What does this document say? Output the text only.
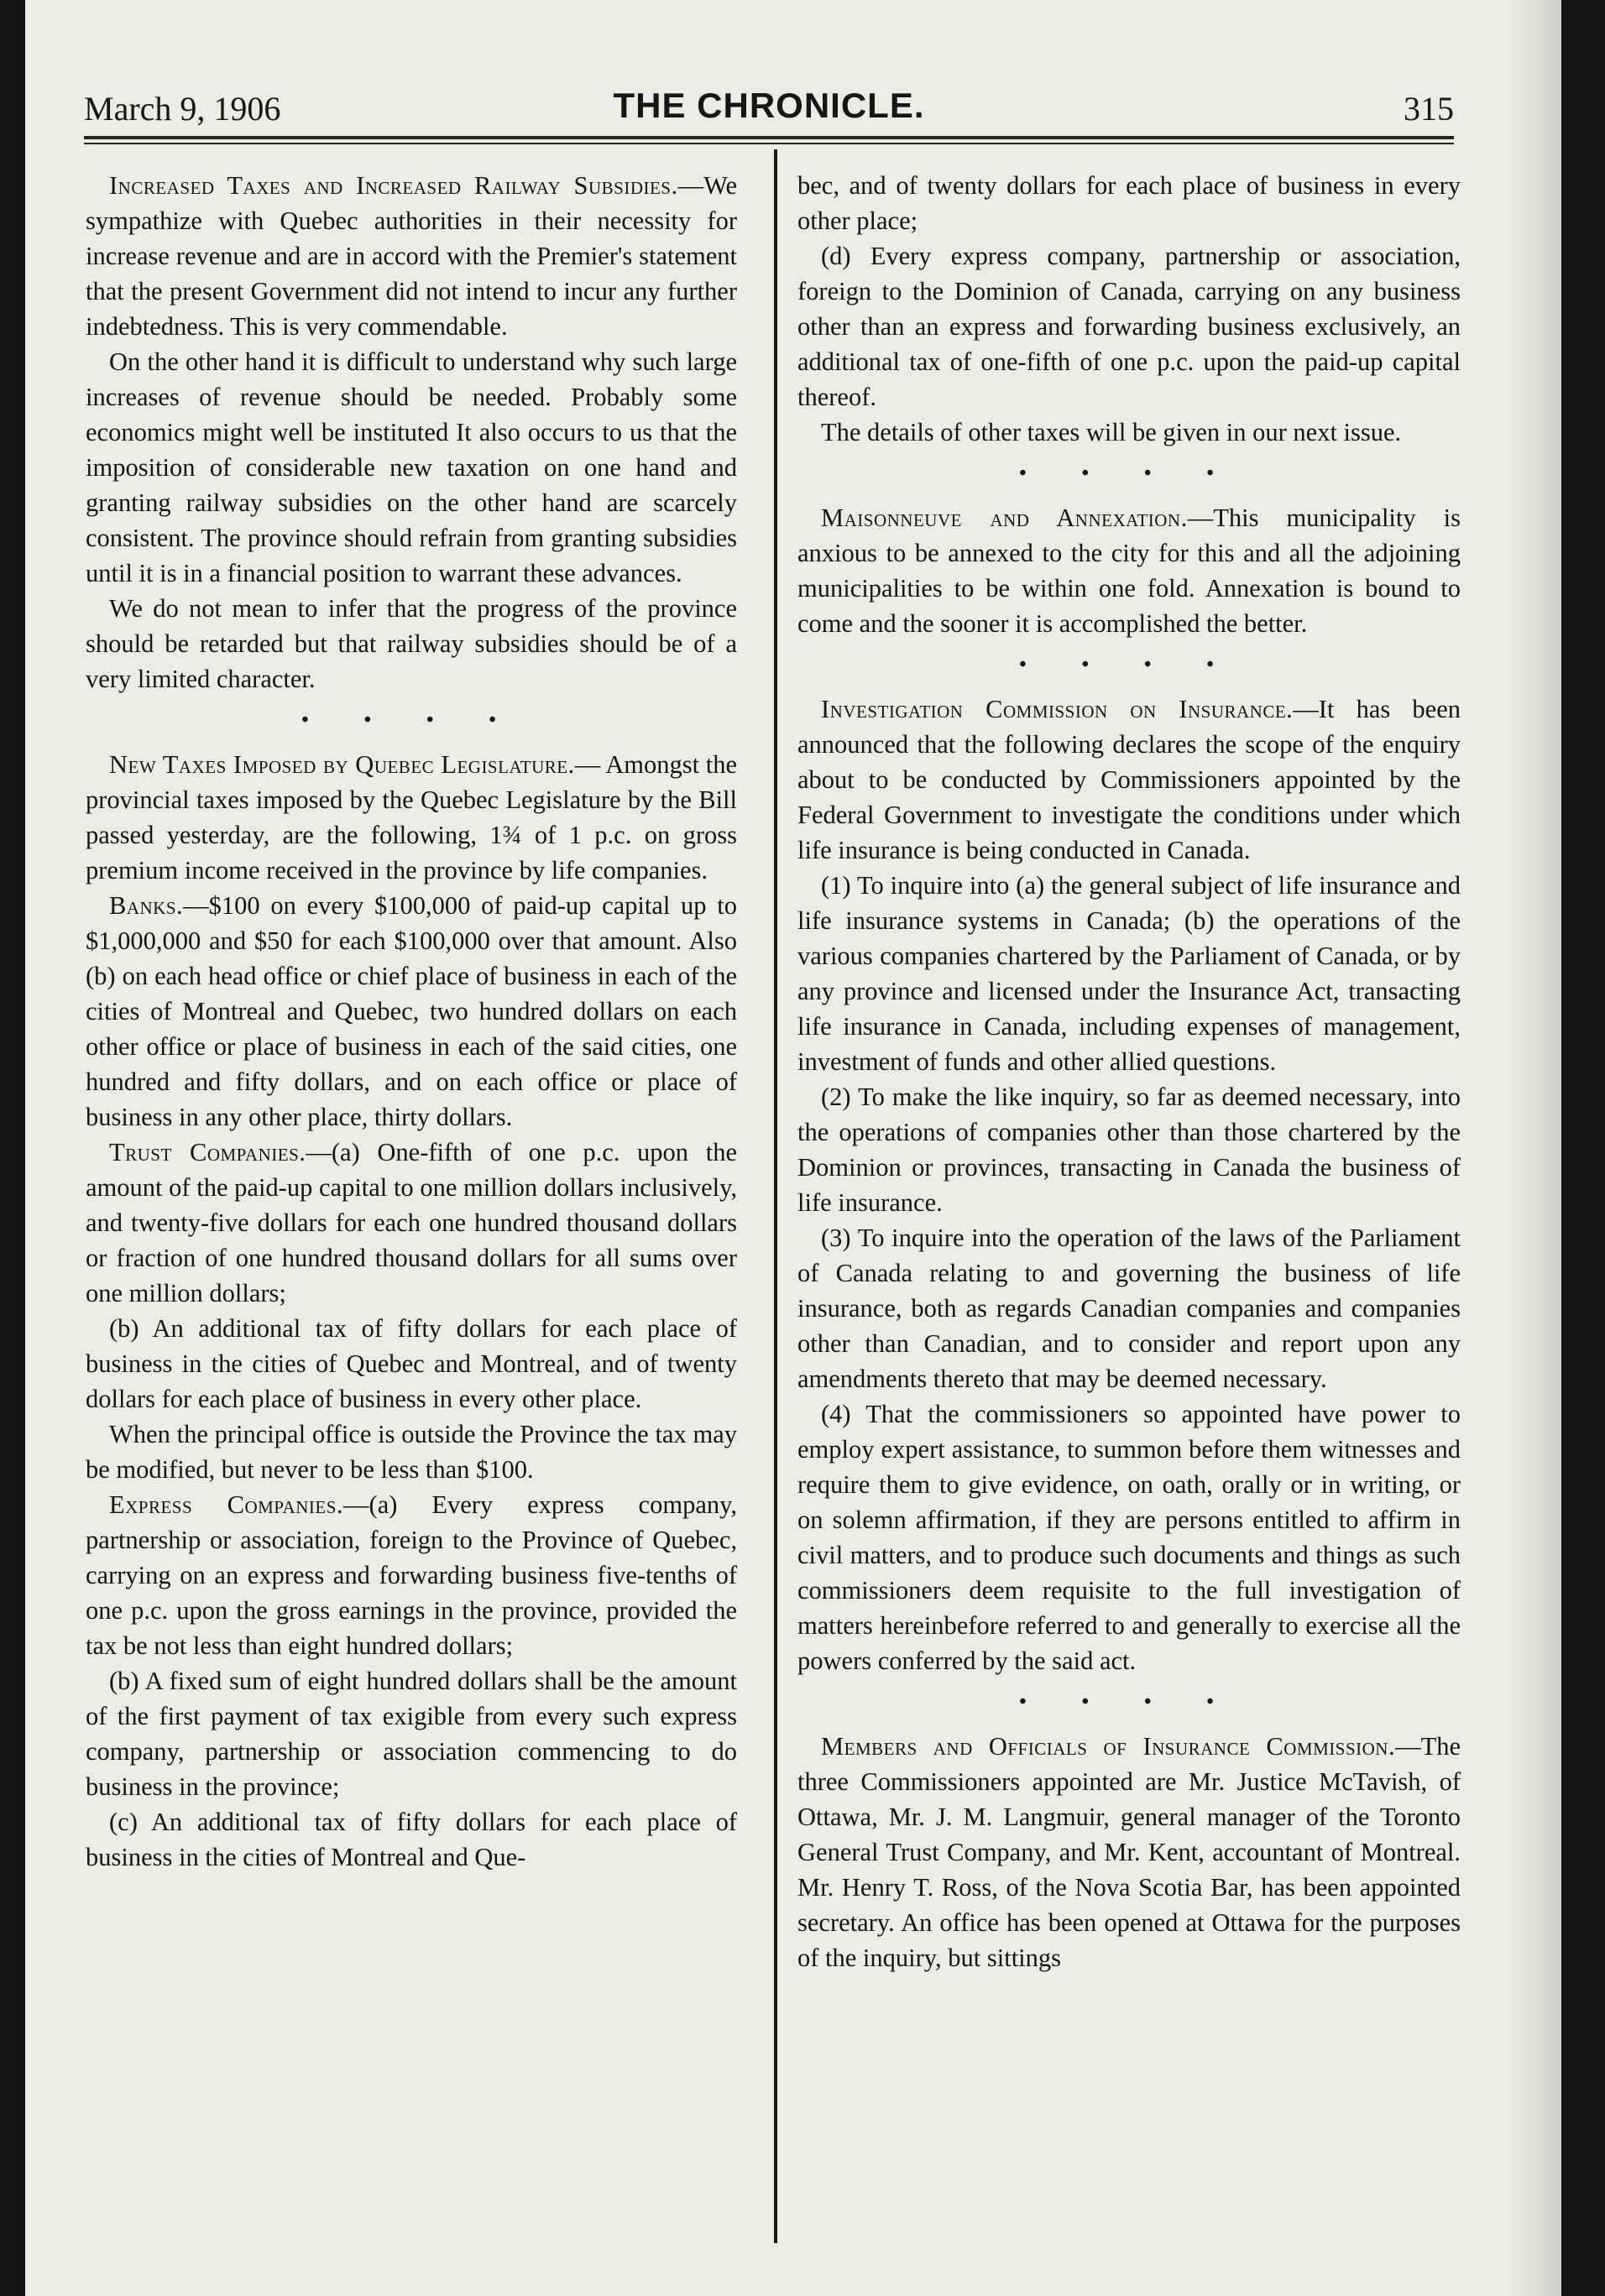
March 9, 1906	THE CHRONICLE.	315

Increased Taxes and Increased Railway Subsidies.—We sympathize with Quebec authorities in their necessity for increase revenue and are in accord with the Premier's statement that the present Government did not intend to incur any further indebtedness. This is very commendable.

On the other hand it is difficult to understand why such large increases of revenue should be needed. Probably some economics might well be instituted It also occurs to us that the imposition of considerable new taxation on one hand and granting railway subsidies on the other hand are scarcely consistent. The province should refrain from granting subsidies until it is in a financial position to warrant these advances.

We do not mean to infer that the progress of the province should be retarded but that railway subsidies should be of a very limited character.

• • • •

New Taxes Imposed by Quebec Legislature.— Amongst the provincial taxes imposed by the Quebec Legislature by the Bill passed yesterday, are the following, 1¾ of 1 p.c. on gross premium income received in the province by life companies.

Banks.—$100 on every $100,000 of paid-up capital up to $1,000,000 and $50 for each $100,000 over that amount. Also (b) on each head office or chief place of business in each of the cities of Montreal and Quebec, two hundred dollars on each other office or place of business in each of the said cities, one hundred and fifty dollars, and on each office or place of business in any other place, thirty dollars.

Trust Companies.—(a) One-fifth of one p.c. upon the amount of the paid-up capital to one million dollars inclusively, and twenty-five dollars for each one hundred thousand dollars or fraction of one hundred thousand dollars for all sums over one million dollars;

(b) An additional tax of fifty dollars for each place of business in the cities of Quebec and Montreal, and of twenty dollars for each place of business in every other place.

When the principal office is outside the Province the tax may be modified, but never to be less than $100.

Express Companies.—(a) Every express company, partnership or association, foreign to the Province of Quebec, carrying on an express and forwarding business five-tenths of one p.c. upon the gross earnings in the province, provided the tax be not less than eight hundred dollars;

(b) A fixed sum of eight hundred dollars shall be the amount of the first payment of tax exigible from every such express company, partnership or association commencing to do business in the province;

(c) An additional tax of fifty dollars for each place of business in the cities of Montreal and Que-

bec, and of twenty dollars for each place of business in every other place;

(d) Every express company, partnership or association, foreign to the Dominion of Canada, carrying on any business other than an express and forwarding business exclusively, an additional tax of one-fifth of one p.c. upon the paid-up capital thereof.

The details of other taxes will be given in our next issue.

• • • •

Maisonneuve and Annexation.—This municipality is anxious to be annexed to the city for this and all the adjoining municipalities to be within one fold. Annexation is bound to come and the sooner it is accomplished the better.

• • • •

Investigation Commission on Insurance.—It has been announced that the following declares the scope of the enquiry about to be conducted by Commissioners appointed by the Federal Government to investigate the conditions under which life insurance is being conducted in Canada.

(1) To inquire into (a) the general subject of life insurance and life insurance systems in Canada; (b) the operations of the various companies chartered by the Parliament of Canada, or by any province and licensed under the Insurance Act, transacting life insurance in Canada, including expenses of management, investment of funds and other allied questions.

(2) To make the like inquiry, so far as deemed necessary, into the operations of companies other than those chartered by the Dominion or provinces, transacting in Canada the business of life insurance.

(3) To inquire into the operation of the laws of the Parliament of Canada relating to and governing the business of life insurance, both as regards Canadian companies and companies other than Canadian, and to consider and report upon any amendments thereto that may be deemed necessary.

(4) That the commissioners so appointed have power to employ expert assistance, to summon before them witnesses and require them to give evidence, on oath, orally or in writing, or on solemn affirmation, if they are persons entitled to affirm in civil matters, and to produce such documents and things as such commissioners deem requisite to the full investigation of matters hereinbefore referred to and generally to exercise all the powers conferred by the said act.

• • • •

Members and Officials of Insurance Commission.—The three Commissioners appointed are Mr. Justice McTavish, of Ottawa, Mr. J. M. Langmuir, general manager of the Toronto General Trust Company, and Mr. Kent, accountant of Montreal. Mr. Henry T. Ross, of the Nova Scotia Bar, has been appointed secretary. An office has been opened at Ottawa for the purposes of the inquiry, but sittings
